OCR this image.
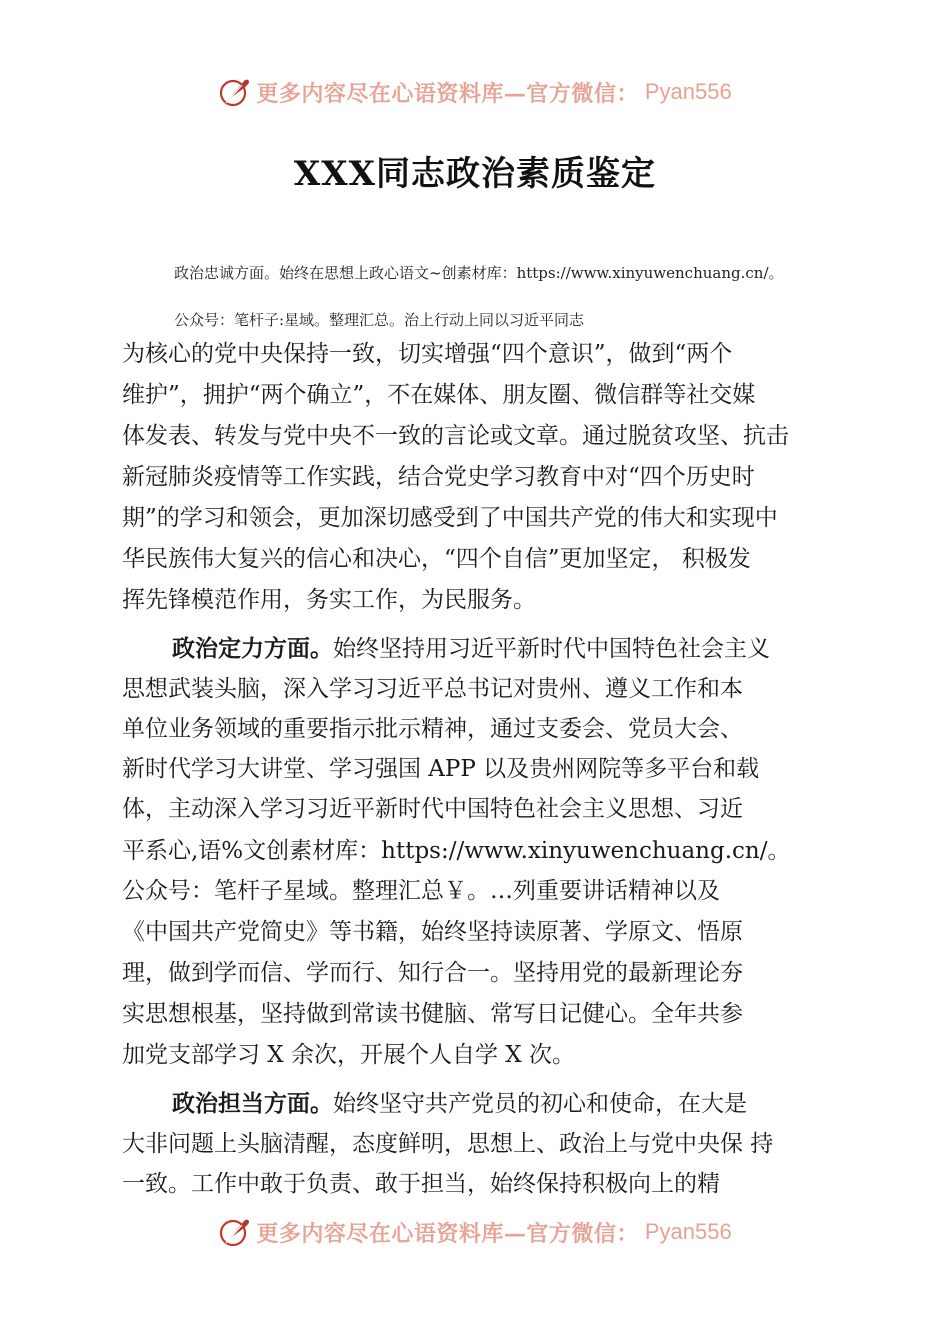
更多内容尽在心语资料库—官方微信： Pyan556
XXX同志政治素质鉴定
政治忠诚方面。始终在思想上政心语文~创素材库：https://www.xinyuwenchuang.cn/。
公众号：笔杆子:星域。整理汇总。治上行动上同以习近平同志
为核心的党中央保持一致，切实增强“四个意识”，做到“两个
维护”，拥护“两个确立”，不在媒体、朋友圈、微信群等社交媒
体发表、转发与党中央不一致的言论或文章。通过脱贫攻坚、抗击
新冠肺炎疫情等工作实践，结合党史学习教育中对“四个历史时
期”的学习和领会，更加深切感受到了中国共产党的伟大和实现中
华民族伟大复兴的信心和决心，“四个自信”更加坚定， 积极发
挥先锋模范作用，务实工作，为民服务。
政治定力方面。始终坚持用习近平新时代中国特色社会主义
思想武装头脑，深入学习习近平总书记对贵州、遵义工作和本
单位业务领域的重要指示批示精神，通过支委会、党员大会、
新时代学习大讲堂、学习强国 APP 以及贵州网院等多平台和载
体，主动深入学习习近平新时代中国特色社会主义思想、习近
平系心,语%文创素材库：https://www.xinyuwenchuang.cn/。
公众号：笔杆子星域。整理汇总￥。…列重要讲话精神以及
《中国共产党简史》等书籍，始终坚持读原著、学原文、悟原
理，做到学而信、学而行、知行合一。坚持用党的最新理论夯
实思想根基，坚持做到常读书健脑、常写日记健心。全年共参
加党支部学习 X 余次，开展个人自学 X 次。
政治担当方面。始终坚守共产党员的初心和使命，在大是
大非问题上头脑清醒，态度鲜明，思想上、政治上与党中央保 持
一致。工作中敢于负责、敢于担当，始终保持积极向上的精
更多内容尽在心语资料库—官方微信： Pyan556
